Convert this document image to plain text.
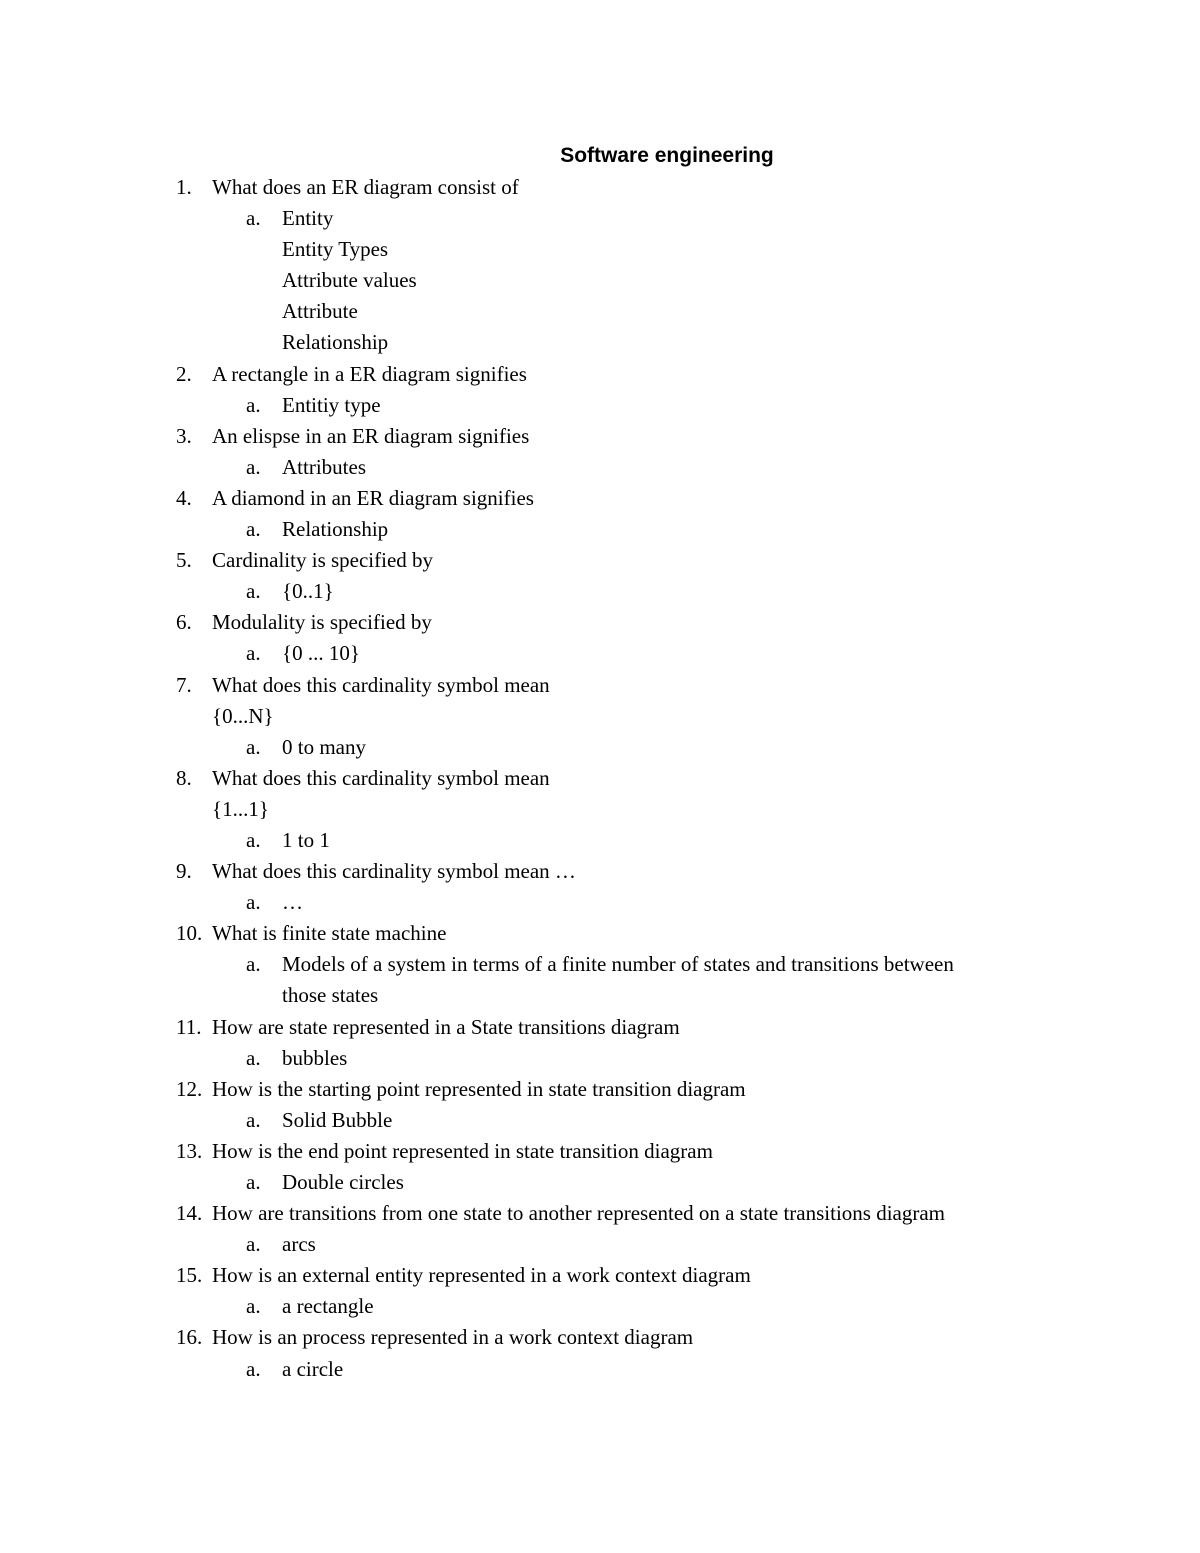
Software engineering
1. What does an ER diagram consist of
a. Entity
Entity Types
Attribute values
Attribute
Relationship
2. A rectangle in a ER diagram signifies
a. Entitiy type
3. An elispse in an ER diagram signifies
a. Attributes
4. A diamond in an ER diagram signifies
a. Relationship
5. Cardinality is specified by
a. {0..1}
6. Modulality is specified by
a. {0 ... 10}
7. What does this cardinality symbol mean
{0...N}
a. 0 to many
8. What does this cardinality symbol mean
{1...1}
a. 1 to 1
9. What does this cardinality symbol mean …
a. …
10. What is finite state machine
a. Models of a system in terms of a finite number of states and transitions between
those states
11. How are state represented in a State transitions diagram
a. bubbles
12. How is the starting point represented in state transition diagram
a. Solid Bubble
13. How is the end point represented in state transition diagram
a. Double circles
14. How are transitions from one state to another represented on a state transitions diagram
a. arcs
15. How is an external entity represented in a work context diagram
a. a rectangle
16. How is an process represented in a work context diagram
a. a circle
